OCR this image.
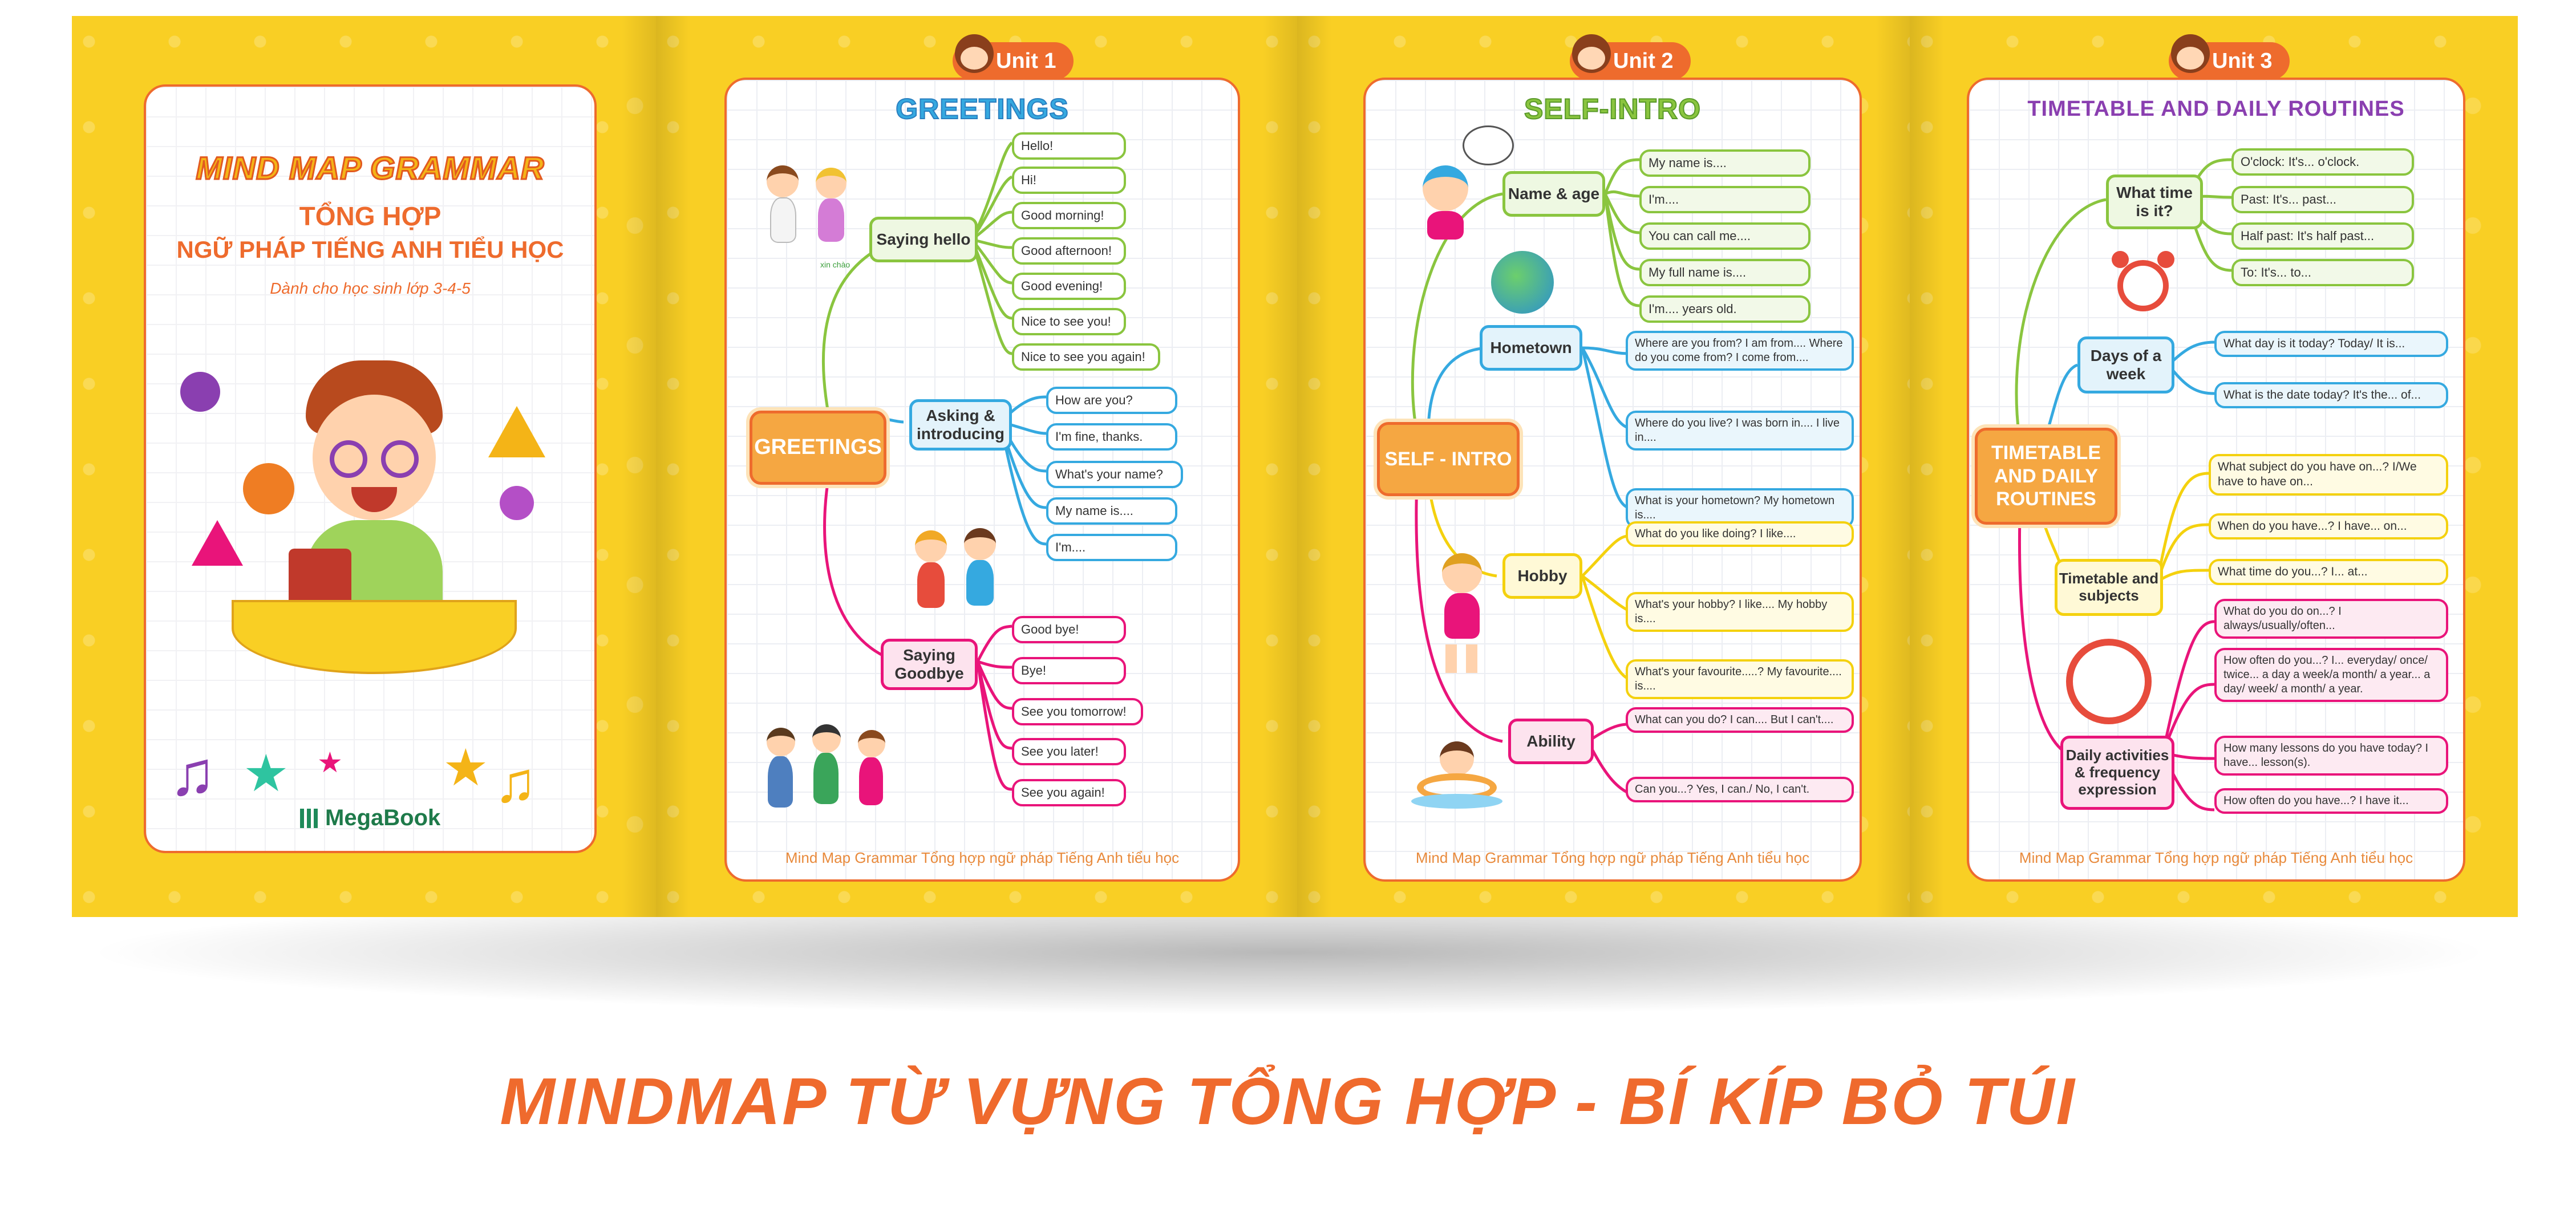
MIND MAP GRAMMAR
TỔNG HỢP
NGỮ PHÁP TIẾNG ANH TIỂU HỌC
Dành cho học sinh lớp 3-4-5
♫ ★	★ ♫
★
MegaBook
Unit 1
GREETINGS
GREETINGS
Saying hello
Asking & introducing
Saying Goodbye
Hello!
Hi!
Good morning!
Good afternoon!
Good evening!
Nice to see you!
Nice to see you again!
How are you?
I'm fine, thanks.
What's your name?
My name is....
I'm....
Good bye!
Bye!
See you tomorrow!
See you later!
See you again!
xin chào
Mind Map Grammar Tổng hợp ngữ pháp Tiếng Anh tiểu học
Unit 2
SELF-INTRO
SELF - INTRO
Name & age
Hometown
Hobby
Ability
My name is....
I'm....
You can call me....
My full name is....
I'm.... years old.
Where are you from? I am from.... Where do you come from? I come from....
Where do you live? I was born in.... I live in....
What is your hometown? My hometown is....
What do you like doing? I like....
What's your hobby? I like.... My hobby is....
What's your favourite.....? My favourite.... is....
What can you do? I can.... But I can't....
Can you...? Yes, I can./ No, I can't.
Mind Map Grammar Tổng hợp ngữ pháp Tiếng Anh tiểu học
Unit 3
TIMETABLE AND DAILY ROUTINES
TIMETABLE AND DAILY ROUTINES
What time is it?
Days of a week
Timetable and subjects
Daily activities & frequency expression
O'clock: It's... o'clock.
Past: It's... past...
Half past: It's half past...
To: It's... to...
What day is it today? Today/ It is...
What is the date today? It's the... of...
What subject do you have on...? I/We have to have on...
When do you have...? I have... on...
What time do you...? I... at...
What do you do on...? I always/usually/often...
How often do you...? I... everyday/ once/ twice... a day a week/a month/ a year... a day/ week/ a month/ a year.
How many lessons do you have today? I have... lesson(s).
How often do you have...? I have it...
Mind Map Grammar Tổng hợp ngữ pháp Tiếng Anh tiểu học
MINDMAP TỪ VỰNG TỔNG HỢP - BÍ KÍP BỎ TÚI
